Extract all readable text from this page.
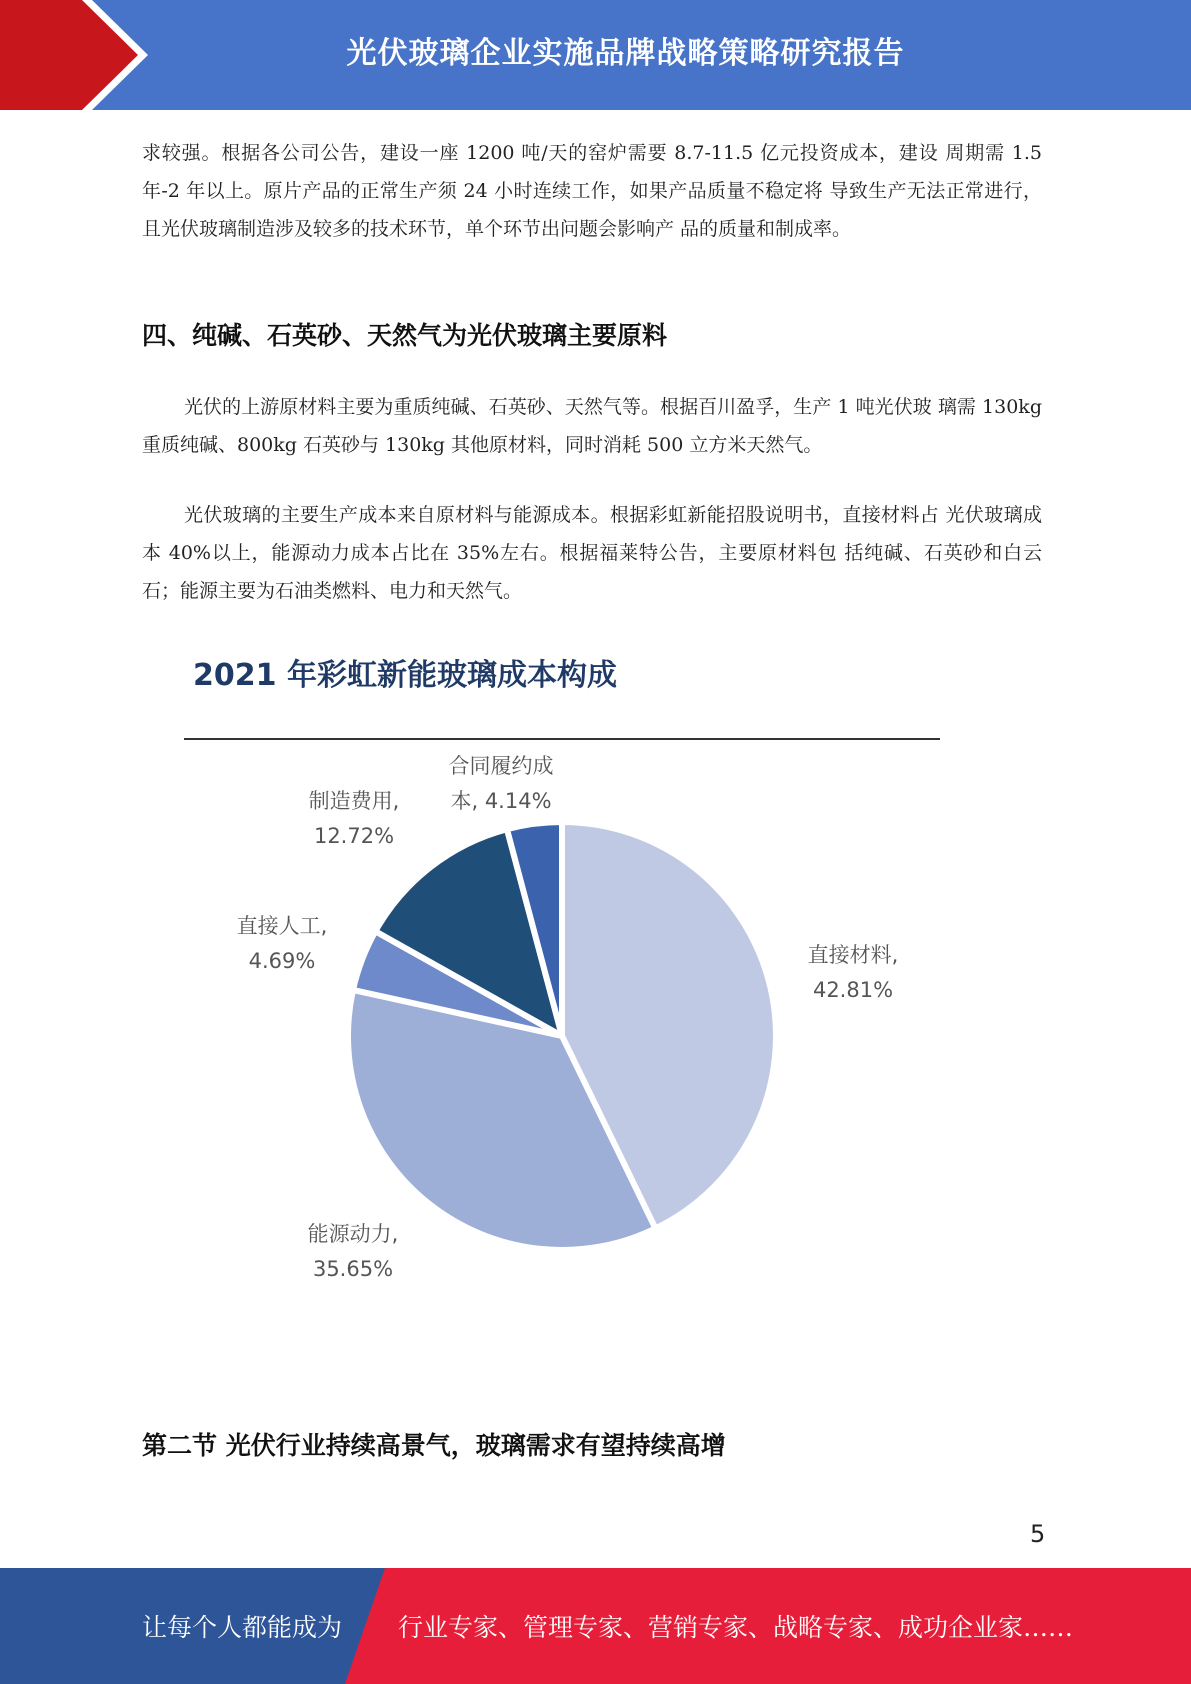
光伏玻璃企业实施品牌战略策略研究报告

求较强。根据各公司公告，建设一座 1200 吨/天的窑炉需要 8.7-11.5 亿元投资成本，建设 周期需 1.5 年-2 年以上。原片产品的正常生产须 24 小时连续工作，如果产品质量不稳定将 导致生产无法正常进行，且光伏玻璃制造涉及较多的技术环节，单个环节出问题会影响产 品的质量和制成率。

四、纯碱、石英砂、天然气为光伏玻璃主要原料

光伏的上游原材料主要为重质纯碱、石英砂、天然气等。根据百川盈孚，生产 1 吨光伏玻 璃需 130kg 重质纯碱、800kg 石英砂与 130kg 其他原材料，同时消耗 500 立方米天然气。

光伏玻璃的主要生产成本来自原材料与能源成本。根据彩虹新能招股说明书，直接材料占 光伏玻璃成本 40%以上，能源动力成本占比在 35%左右。根据福莱特公告，主要原材料包 括纯碱、石英砂和白云石；能源主要为石油类燃料、电力和天然气。

2021 年彩虹新能玻璃成本构成
直接材料, 42.81%
能源动力, 35.65%
直接人工, 4.69%
制造费用, 12.72%
合同履约成本, 4.14%
第二节 光伏行业持续高景气，玻璃需求有望持续高增
5
让每个人都能成为 行业专家、管理专家、营销专家、战略专家、成功企业家……
